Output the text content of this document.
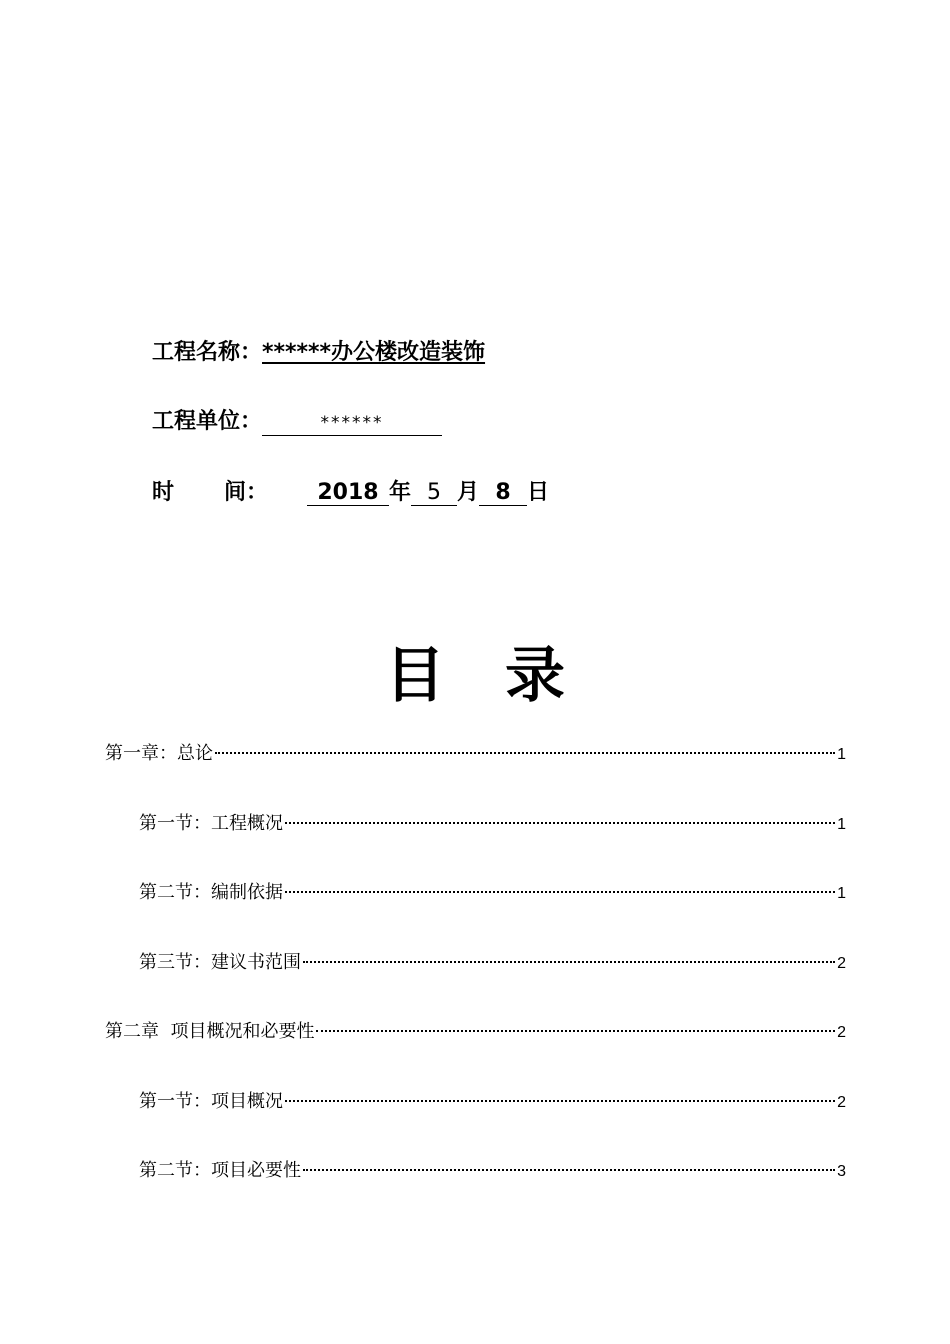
工程名称：******办公楼改造装饰
工程单位：	******
时 间： 2018 年 5 月 8 日
目录
第一章：总论	1
第一节：工程概况	1
第二节：编制依据	1
第三节：建议书范围	2
第二章  项目概况和必要性	2
第一节：项目概况	2
第二节：项目必要性	3
